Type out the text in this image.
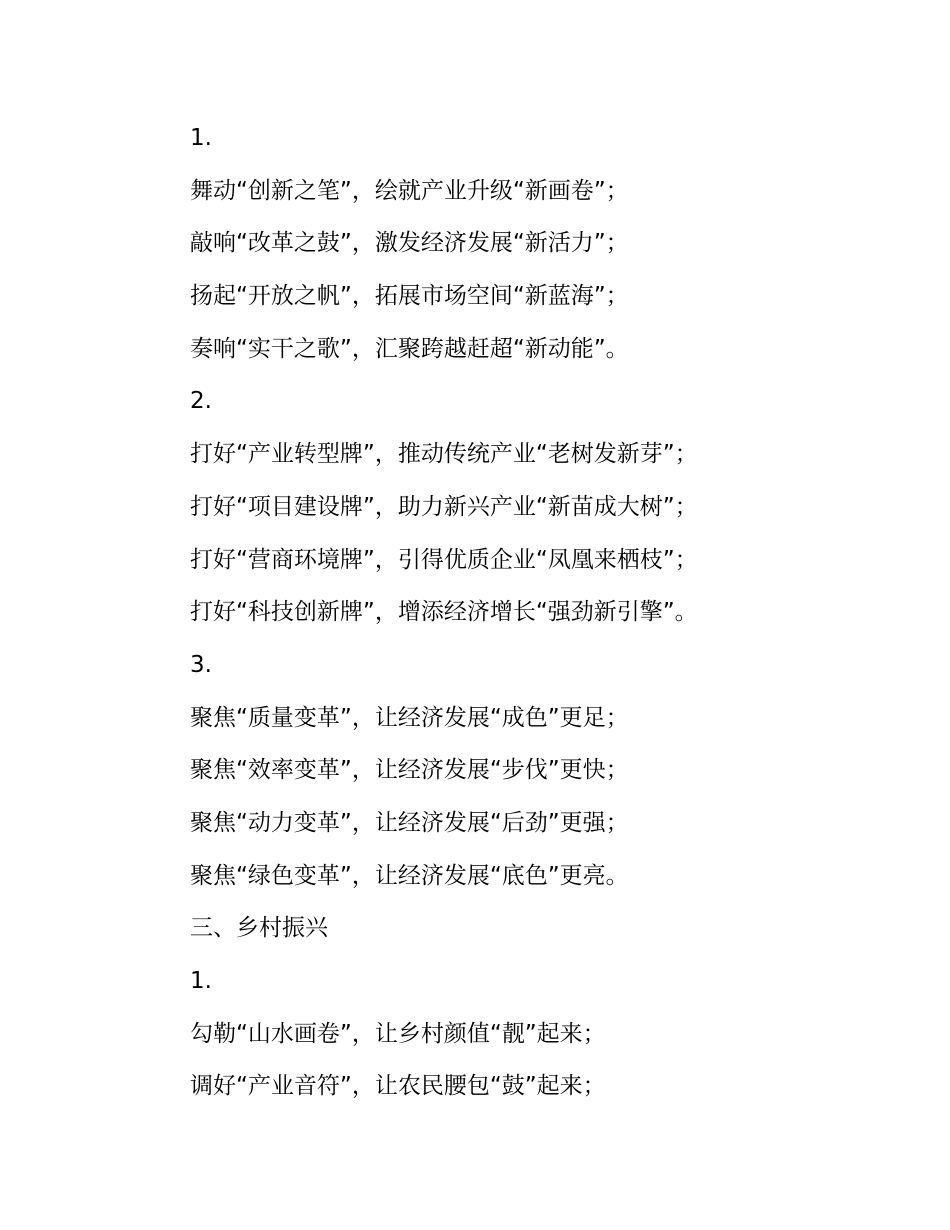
1.
舞动“创新之笔”，绘就产业升级“新画卷”；
敲响“改革之鼓”，激发经济发展“新活力”；
扬起“开放之帆”，拓展市场空间“新蓝海”；
奏响“实干之歌”，汇聚跨越赶超“新动能”。
2.
打好“产业转型牌”，推动传统产业“老树发新芽”；
打好“项目建设牌”，助力新兴产业“新苗成大树”；
打好“营商环境牌”，引得优质企业“凤凰来栖枝”；
打好“科技创新牌”，增添经济增长“强劲新引擎”。
3.
聚焦“质量变革”，让经济发展“成色”更足；
聚焦“效率变革”，让经济发展“步伐”更快；
聚焦“动力变革”，让经济发展“后劲”更强；
聚焦“绿色变革”，让经济发展“底色”更亮。
三、乡村振兴
1.
勾勒“山水画卷”，让乡村颜值“靓”起来；
调好“产业音符”，让农民腰包“鼓”起来；
